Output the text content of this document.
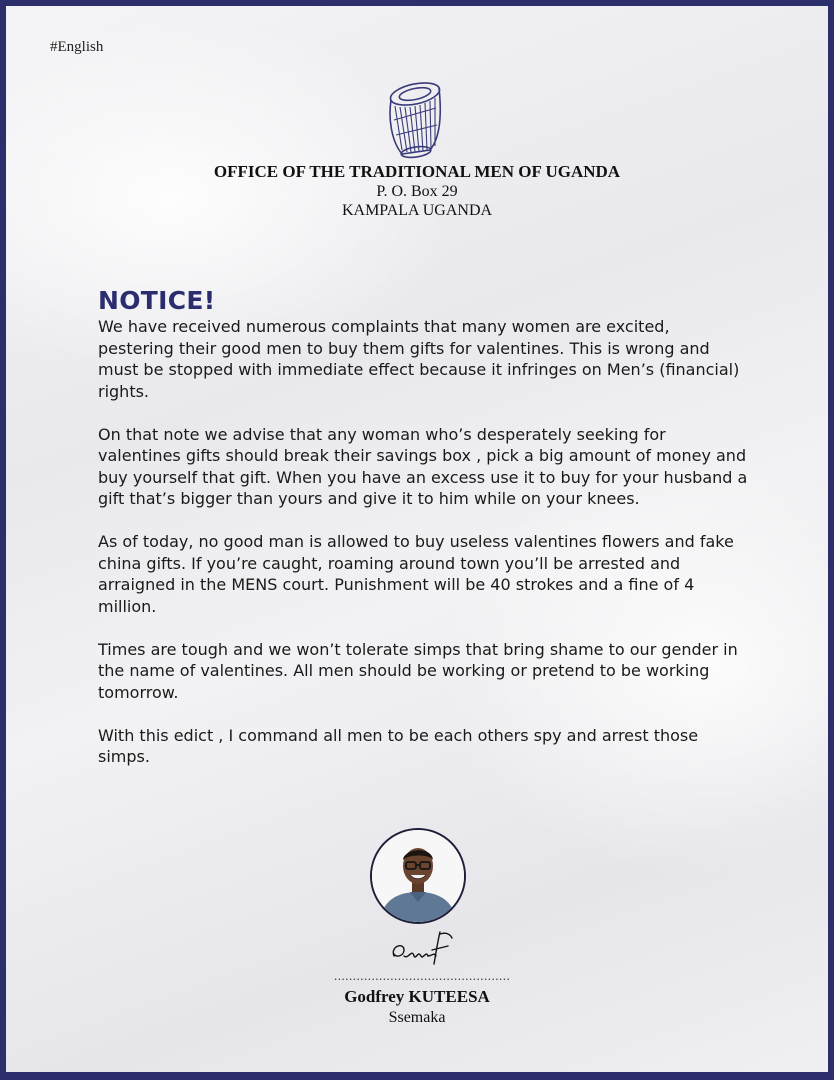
#English
OFFICE OF THE TRADITIONAL MEN OF UGANDA
P. O. Box 29
KAMPALA UGANDA
NOTICE!

We have received numerous complaints that many women are excited, pestering their good men to buy them gifts for valentines. This is wrong and must be stopped with immediate effect because it infringes on Men’s (financial) rights.

On that note we advise that any woman who’s desperately seeking for valentines gifts should break their savings box , pick a big amount of money and buy yourself that gift. When you have an excess use it to buy for your husband a gift that’s bigger than yours and give it to him while on your knees.

As of today, no good man is allowed to buy useless valentines flowers and fake china gifts. If you’re caught, roaming around town you’ll be arrested and arraigned in the MENS court. Punishment will be 40 strokes and a fine of 4 million.

Times are tough and we won’t tolerate simps that bring shame to our gender in the name of valentines. All men should be working or pretend to be working tomorrow.

With this edict , I command all men to be each others spy and arrest those simps.

...............................................
Godfrey KUTEESA
Ssemaka
